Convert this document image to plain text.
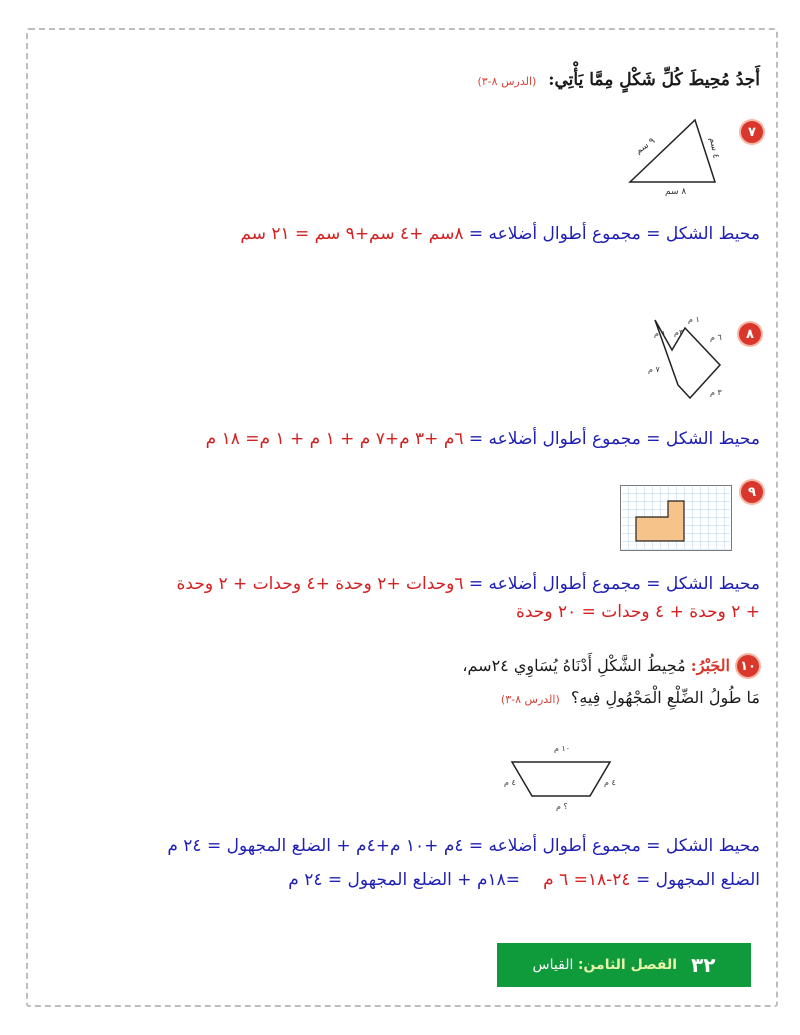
أَجدُ مُحِيطَ كُلِّ شَكْلٍ مِمَّا يَأْتِي: (الدرس ٨-٣)
٧
٩ سم
٨ سم
٤ سم
محيط الشكل = مجموع أطوال أضلاعه = ٨سم +٤ سم+٩ سم = ٢١ سم
٨
٣م
٦ م
٧ م
٣ م
١ م
١ م
محيط الشكل = مجموع أطوال أضلاعه = ٦م +٣ م+٧ م + ١ م + ١ م= ١٨ م
٩
محيط الشكل = مجموع أطوال أضلاعه = ٦وحدات +٢ وحدة +٤ وحدات + ٢ وحدة
+ ٢ وحدة + ٤ وحدات = ٢٠ وحدة
١٠
الجَبْرُ: مُحِيطُ الشَّكْلِ أَدْنَاهُ يُسَاوِي ٢٤سم،
مَا طُولُ الضِّلْعِ الْمَجْهُولِ فِيهِ؟ (الدرس ٨-٣)
١٠ م
٤ م	٤ م
؟ م
محيط الشكل = مجموع أطوال أضلاعه = ٤م +١٠ م+٤م + الضلع المجهول = ٢٤ م
=١٨م + الضلع المجهول = ٢٤ م	الضلع المجهول = ٢٤-١٨= ٦ م
٣٢
الفصل الثامن: القياس
